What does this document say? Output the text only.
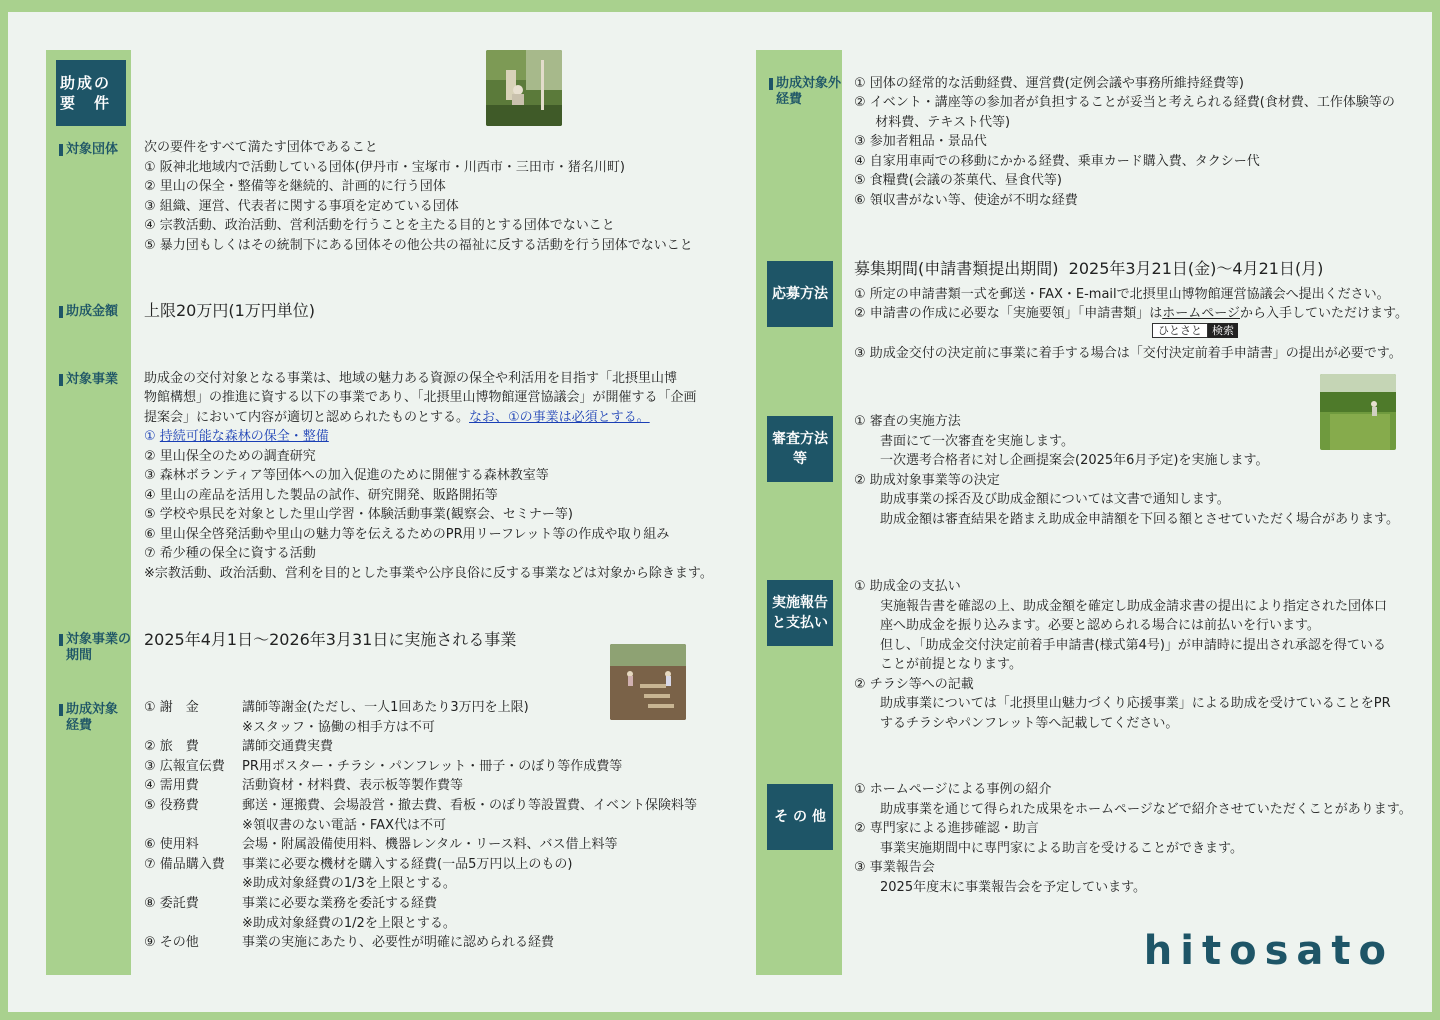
助成の
要　件
対象団体 次の要件をすべて満たす団体であること
① 阪神北地域内で活動している団体(伊丹市・宝塚市・川西市・三田市・猪名川町)
② 里山の保全・整備等を継続的、計画的に行う団体
③ 組織、運営、代表者に関する事項を定めている団体
④ 宗教活動、政治活動、営利活動を行うことを主たる目的とする団体でないこと
⑤ 暴力団もしくはその統制下にある団体その他公共の福祉に反する活動を行う団体でないこと
助成金額 上限20万円(1万円単位)
対象事業 助成金の交付対象となる事業は、地域の魅力ある資源の保全や利活用を目指す「北摂里山博
物館構想」の推進に資する以下の事業であり、「北摂里山博物館運営協議会」が開催する「企画
提案会」において内容が適切と認められたものとする。なお、①の事業は必須とする。
① 持続可能な森林の保全・整備
② 里山保全のための調査研究
③ 森林ボランティア等団体への加入促進のために開催する森林教室等
④ 里山の産品を活用した製品の試作、研究開発、販路開拓等
⑤ 学校や県民を対象とした里山学習・体験活動事業(観察会、セミナー等)
⑥ 里山保全啓発活動や里山の魅力等を伝えるためのPR用リーフレット等の作成や取り組み
⑦ 希少種の保全に資する活動
※宗教活動、政治活動、営利を目的とした事業や公序良俗に反する事業などは対象から除きます。
対象事業の
期間
2025年4月1日～2026年3月31日に実施される事業
助成対象
経費
① 謝　金	講師等謝金(ただし、一人1回あたり3万円を上限)
※スタッフ・協働の相手方は不可
② 旅　費	講師交通費実費
③ 広報宣伝費 PR用ポスター・チラシ・パンフレット・冊子・のぼり等作成費等
④ 需用費	活動資材・材料費、表示板等製作費等
⑤ 役務費	郵送・運搬費、会場設営・撤去費、看板・のぼり等設置費、イベント保険料等
※領収書のない電話・FAX代は不可
⑥ 使用料	会場・附属設備使用料、機器レンタル・リース料、バス借上料等
⑦ 備品購入費 事業に必要な機材を購入する経費(一品5万円以上のもの)
※助成対象経費の1/3を上限とする。
⑧ 委託費	事業に必要な業務を委託する経費
※助成対象経費の1/2を上限とする。
⑨ その他	事業の実施にあたり、必要性が明確に認められる経費
助成対象外
経費
① 団体の経常的な活動経費、運営費(定例会議や事務所維持経費等)
② イベント・講座等の参加者が負担することが妥当と考えられる経費(食材費、工作体験等の
　  材料費、テキスト代等)
③ 参加者粗品・景品代
④ 自家用車両での移動にかかる経費、乗車カード購入費、タクシー代
⑤ 食糧費(会議の茶菓代、昼食代等)
⑥ 領収書がない等、使途が不明な経費
応募方法
募集期間(申請書類提出期間)  2025年3月21日(金)～4月21日(月)
① 所定の申請書類一式を郵送・FAX・E-mailで北摂里山博物館運営協議会へ提出ください。
② 申請書の作成に必要な「実施要領」「申請書類」はホームページから入手していただけます。
ひとさと 検索
③ 助成金交付の決定前に事業に着手する場合は「交付決定前着手申請書」の提出が必要です。
審査方法
等
① 審査の実施方法
　　書面にて一次審査を実施します。
　　一次選考合格者に対し企画提案会(2025年6月予定)を実施します。
② 助成対象事業等の決定
　　助成事業の採否及び助成金額については文書で通知します。
　　助成金額は審査結果を踏まえ助成金申請額を下回る額とさせていただく場合があります。
実施報告
と支払い
① 助成金の支払い
　　実施報告書を確認の上、助成金額を確定し助成金請求書の提出により指定された団体口
　　座へ助成金を振り込みます。必要と認められる場合には前払いを行います。
　　但し、「助成金交付決定前着手申請書(様式第4号)」が申請時に提出され承認を得ている
　　ことが前提となります。
② チラシ等への記載
　　助成事業については「北摂里山魅力づくり応援事業」による助成を受けていることをPR
　　するチラシやパンフレット等へ記載してください。
そ の 他
① ホームページによる事例の紹介
　　助成事業を通じて得られた成果をホームページなどで紹介させていただくことがあります。
② 専門家による進捗確認・助言
　　事業実施期間中に専門家による助言を受けることができます。
③ 事業報告会
　　2025年度末に事業報告会を予定しています。
hitosato
